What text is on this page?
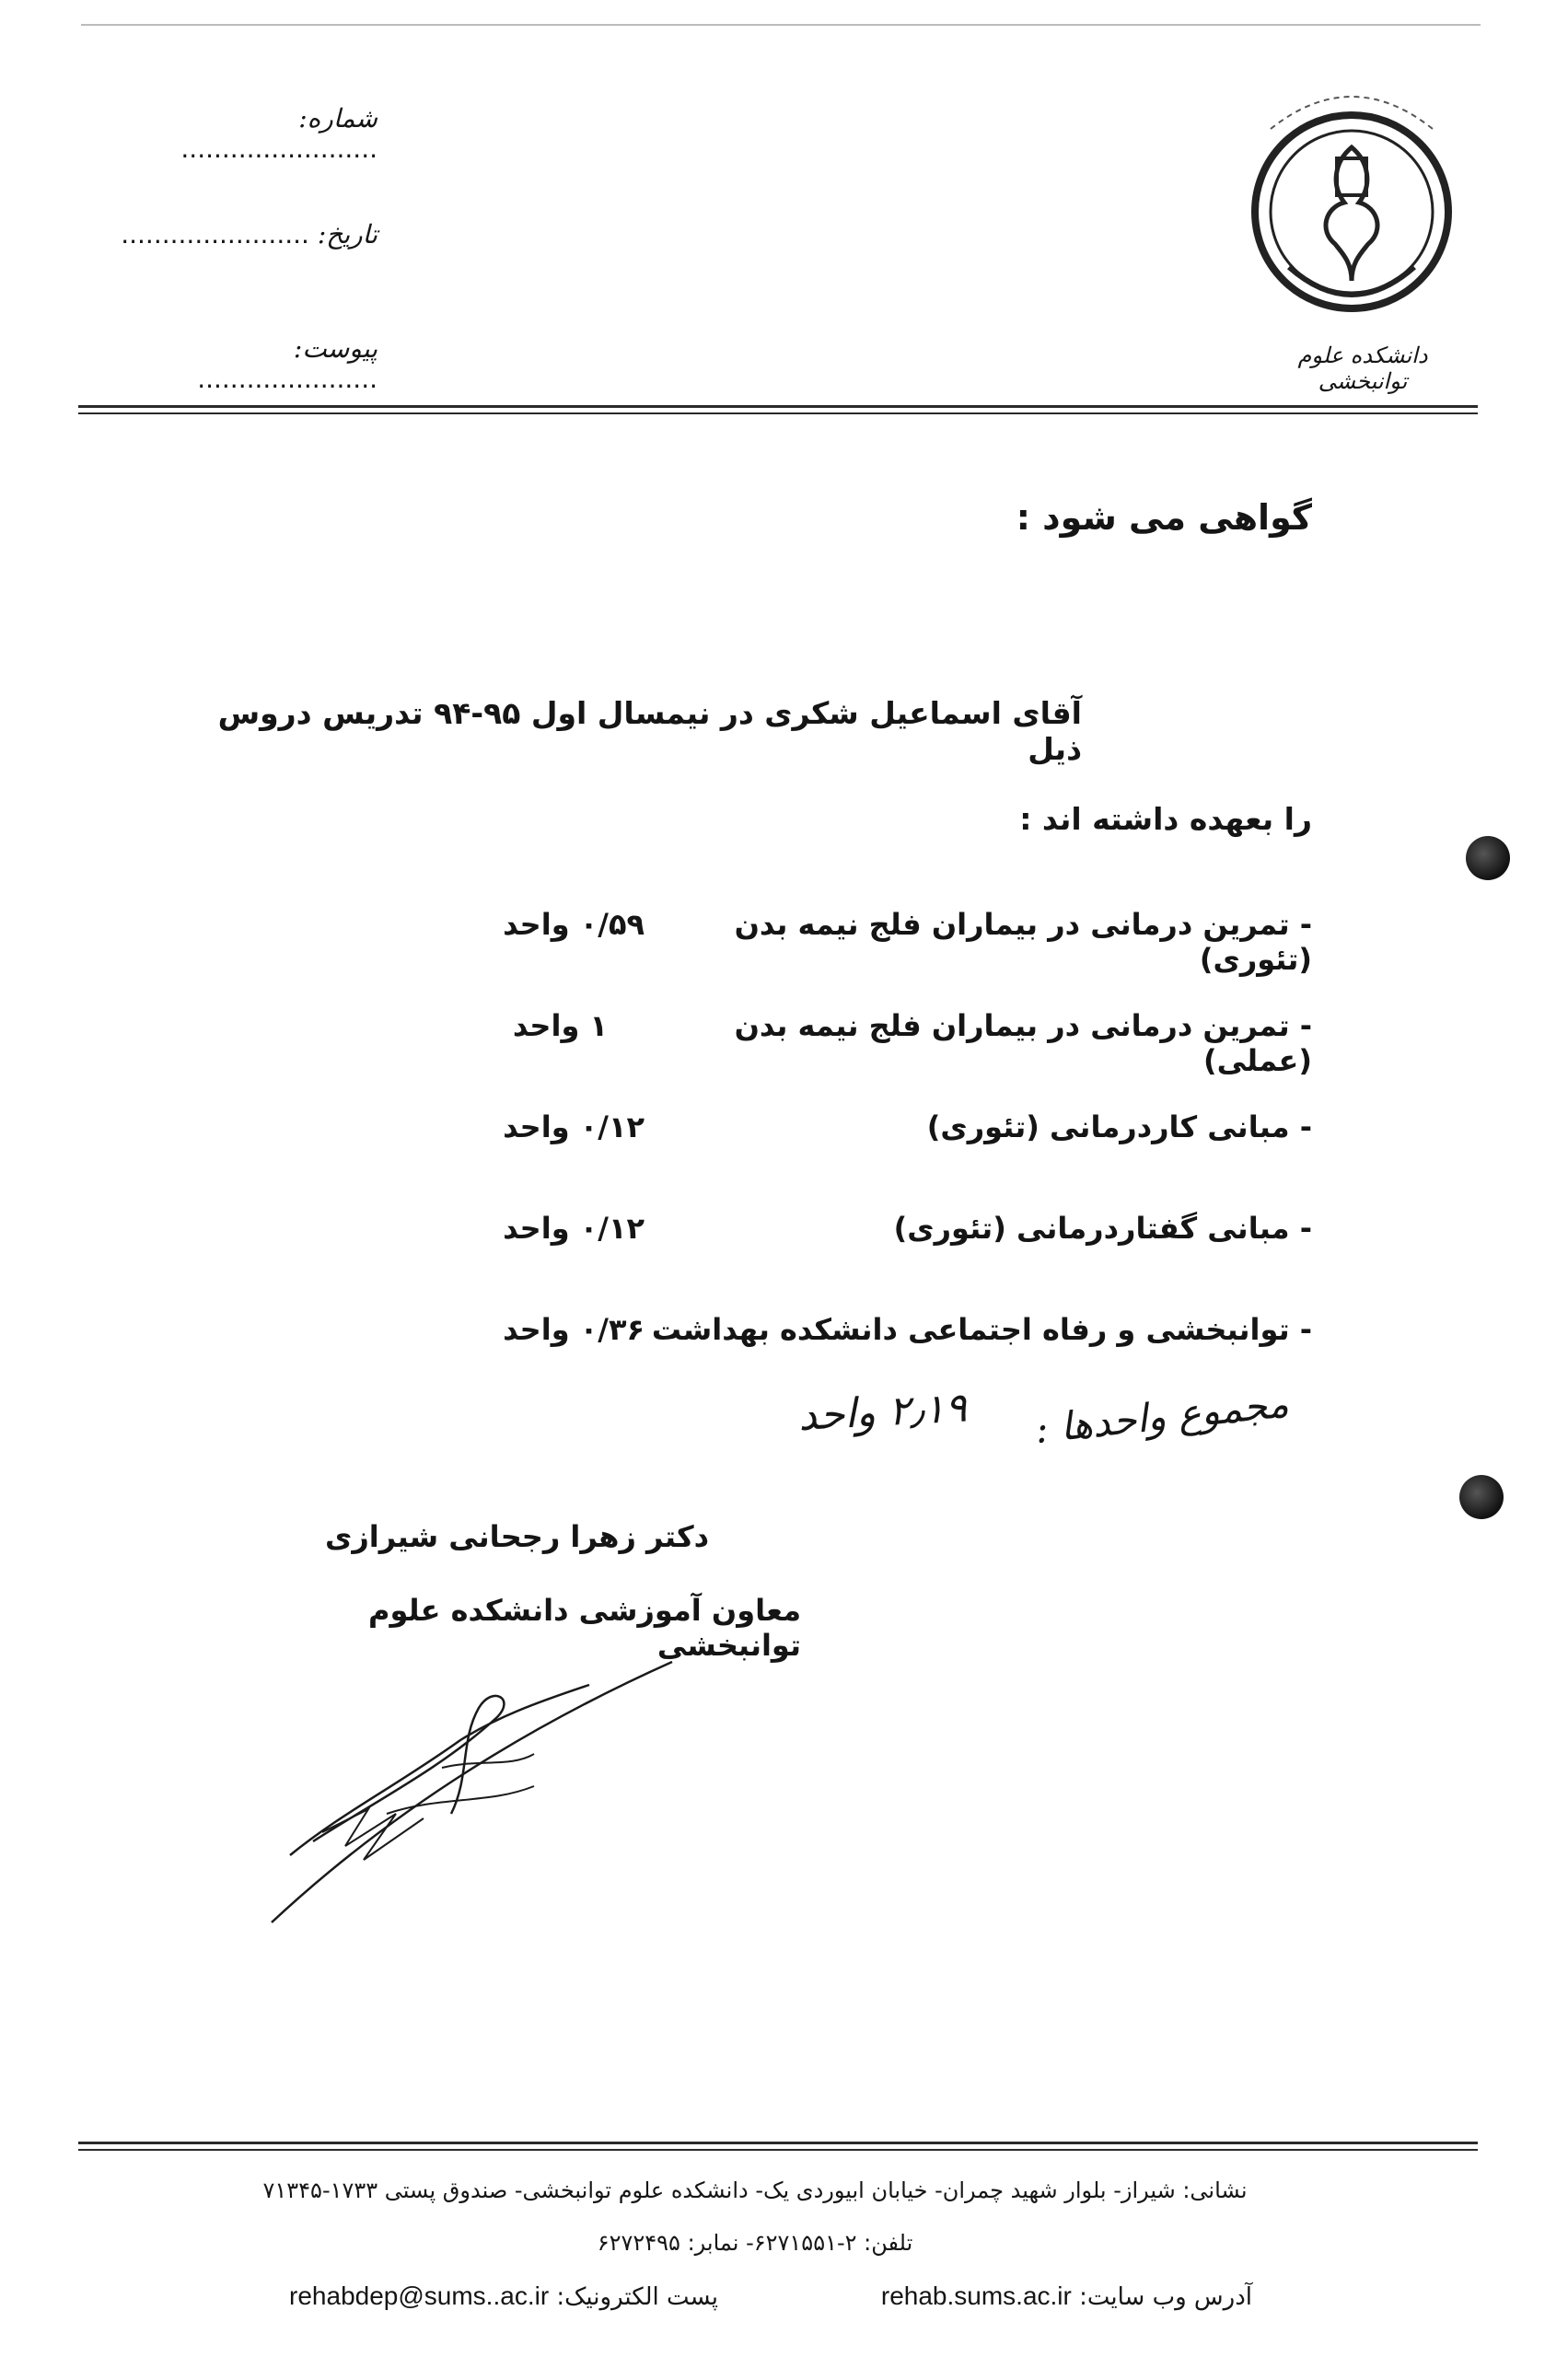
شماره: ........................
تاریخ: .......................
پیوست: ......................
دانشکده علوم توانبخشی
گواهی می شود :
آقای اسماعیل شکری در نیمسال اول ۹۵-۹۴ تدریس دروس ذیل
را بعهده داشته اند :
- تمرین درمانی در بیماران فلج نیمه بدن (تئوری)
۰/۵۹ واحد
- تمرین درمانی در بیماران فلج نیمه بدن (عملی)
۱ واحد
- مبانی کاردرمانی (تئوری)
۰/۱۲ واحد
- مبانی گفتاردرمانی (تئوری)
۰/۱۲ واحد
- توانبخشی و رفاه اجتماعی دانشکده بهداشت
۰/۳۶ واحد
مجموع واحدها :
۲٫۱۹ واحد
دکتر زهرا رجحانی شیرازی
معاون آموزشی دانشکده علوم توانبخشی
نشانی: شیراز- بلوار شهید چمران- خیابان ابیوردی یک- دانشکده علوم توانبخشی- صندوق پستی ۱۷۳۳-۷۱۳۴۵
تلفن: ۲-۶۲۷۱۵۵۱- نمابر: ۶۲۷۲۴۹۵
آدرس وب سایت: rehab.sums.ac.ir
پست الکترونیک: rehabdep@sums..ac.ir
